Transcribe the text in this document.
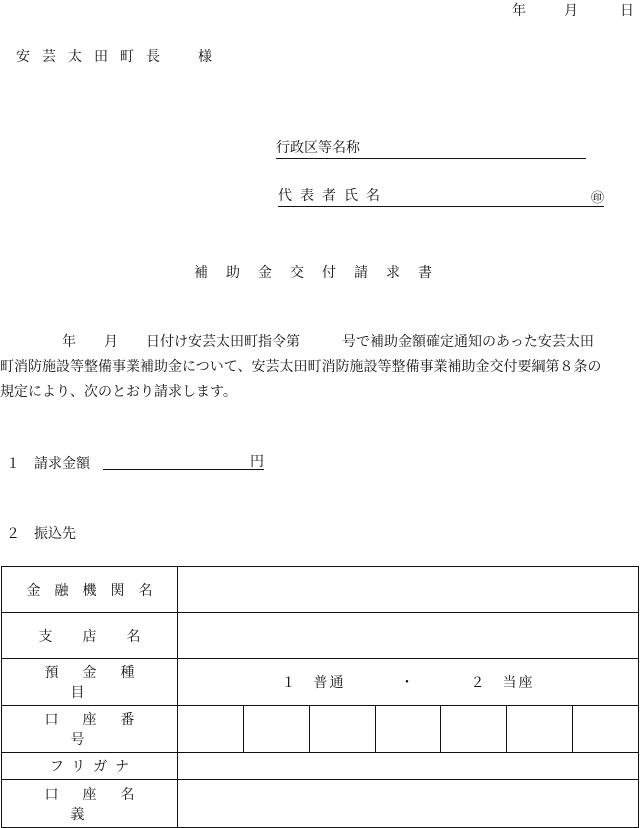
年	月	日
安芸太田町長　様
行政区等名称
代表者氏名	㊞
補助金交付請求書

年　　月　　日付け安芸太田町指令第　　　号で補助金額確定通知のあった安芸太田

町消防施設等整備事業補助金について、安芸太田町消防施設等整備事業補助金交付要綱第８条の

規定により、次のとおり請求します。

１　請求金額	円
２　振込先
金融機関名	
支店名	
預金種目	１　普通 ・ ２　当座
口座番号	

フリガナ	
口座名義	
